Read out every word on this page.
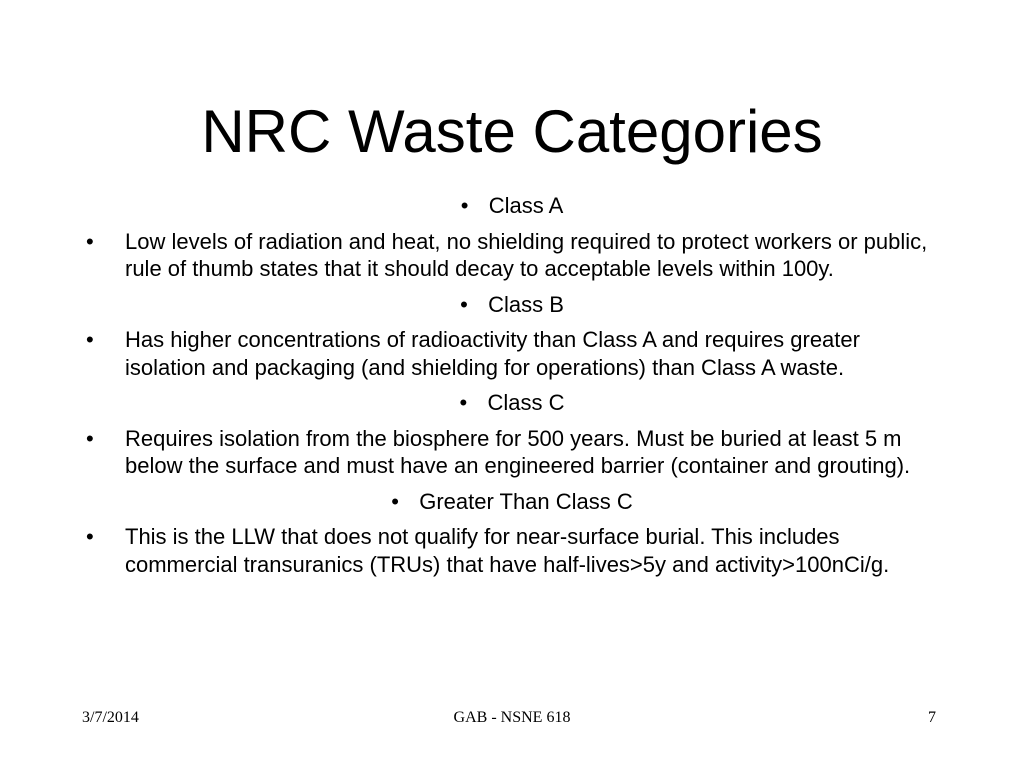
NRC Waste Categories
• Class A
• Low levels of radiation and heat, no shielding required to protect workers or public, rule of thumb states that it should decay to acceptable levels within 100y.
• Class B
• Has higher concentrations of radioactivity than Class A and requires greater isolation and packaging (and shielding for operations) than Class A waste.
• Class C
• Requires isolation from the biosphere for 500 years. Must be buried at least 5 m below the surface and must have an engineered barrier (container and grouting).
• Greater Than Class C
• This is the LLW that does not qualify for near-surface burial. This includes commercial transuranics (TRUs) that have half-lives>5y and activity>100nCi/g.
3/7/2014	GAB - NSNE 618	7
